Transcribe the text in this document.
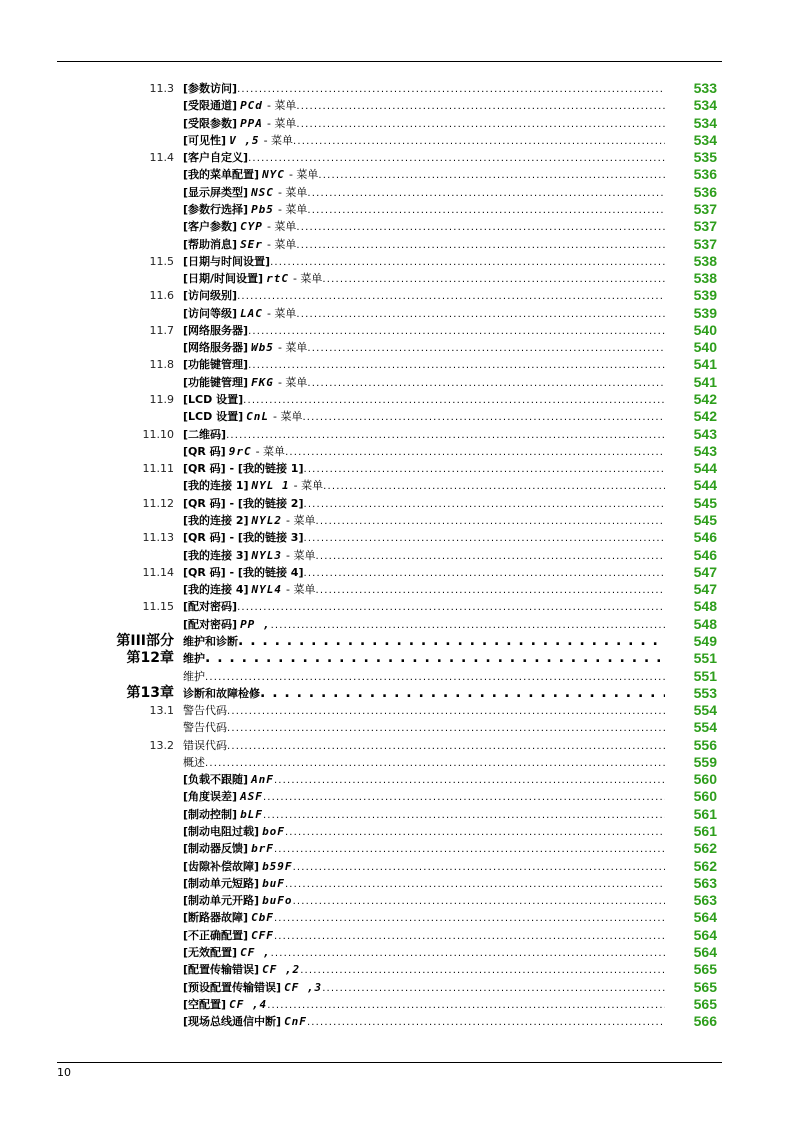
11.3 [参数访问] . . .	533
[受限通道] PCd - 菜单 . . .	534
[受限参数] PPA - 菜单 . . .	534
[可见性] V ,5 - 菜单 . . .	534
11.4 [客户自定义] . . .	535
[我的菜单配置] NYC - 菜单 . . .	536
[显示屏类型] NSC - 菜单 . . .	536
[参数行选择] Pb5 - 菜单 . . .	537
[客户参数] CYP - 菜单 . . .	537
[帮助消息] SEr - 菜单 . . .	537
11.5 [日期与时间设置] . . .	538
[日期/时间设置] rtC - 菜单 . . .	538
11.6 [访问级别] . . .	539
[访问等级] LAC - 菜单 . . .	539
11.7 [网络服务器] . . .	540
[网络服务器] Wb5 - 菜单 . . .	540
11.8 [功能键管理] . . .	541
[功能键管理] FKG - 菜单 . . .	541
11.9 [LCD 设置] . . .	542
[LCD 设置] CnL - 菜单 . . .	542
11.10 [二维码] . . .	543
[QR 码] 9rC - 菜单 . . .	543
11.11 [QR 码] - [我的链接 1] . . .	544
[我的连接 1] NYL 1 - 菜单 . . .	544
11.12 [QR 码] - [我的链接 2] . . .	545
[我的连接 2] NYL2 - 菜单 . . .	545
11.13 [QR 码] - [我的链接 3] . . .	546
[我的连接 3] NYL3 - 菜单 . . .	546
11.14 [QR 码] - [我的链接 4] . . .	547
[我的连接 4] NYL4 - 菜单 . . .	547
11.15 [配对密码] . . .	548
[配对密码] PP , . . .	548
第III部分 维护和诊断 . . .	549
第12章 维护 . . .	551
维护 . . .	551
第13章 诊断和故障检修 . . .	553
13.1 警告代码 . . .	554
警告代码 . . .	554
13.2 错误代码 . . .	556
概述 . . .	559
[负载不跟随] AnF . . .	560
[角度误差] ASF . . .	560
[制动控制] bLF . . .	561
[制动电阻过载] boF . . .	561
[制动器反馈] brF . . .	562
[齿隙补偿故障] b59F . . .	562
[制动单元短路] buF . . .	563
[制动单元开路] buFo . . .	563
[断路器故障] CbF . . .	564
[不正确配置] CFF . . .	564
[无效配置] CF , . . .	564
[配置传输错误] CF ,2 . . .	565
[预设配置传输错误] CF ,3 . . .	565
[空配置] CF ,4 . . .	565
[现场总线通信中断] CnF . . .	566
10
